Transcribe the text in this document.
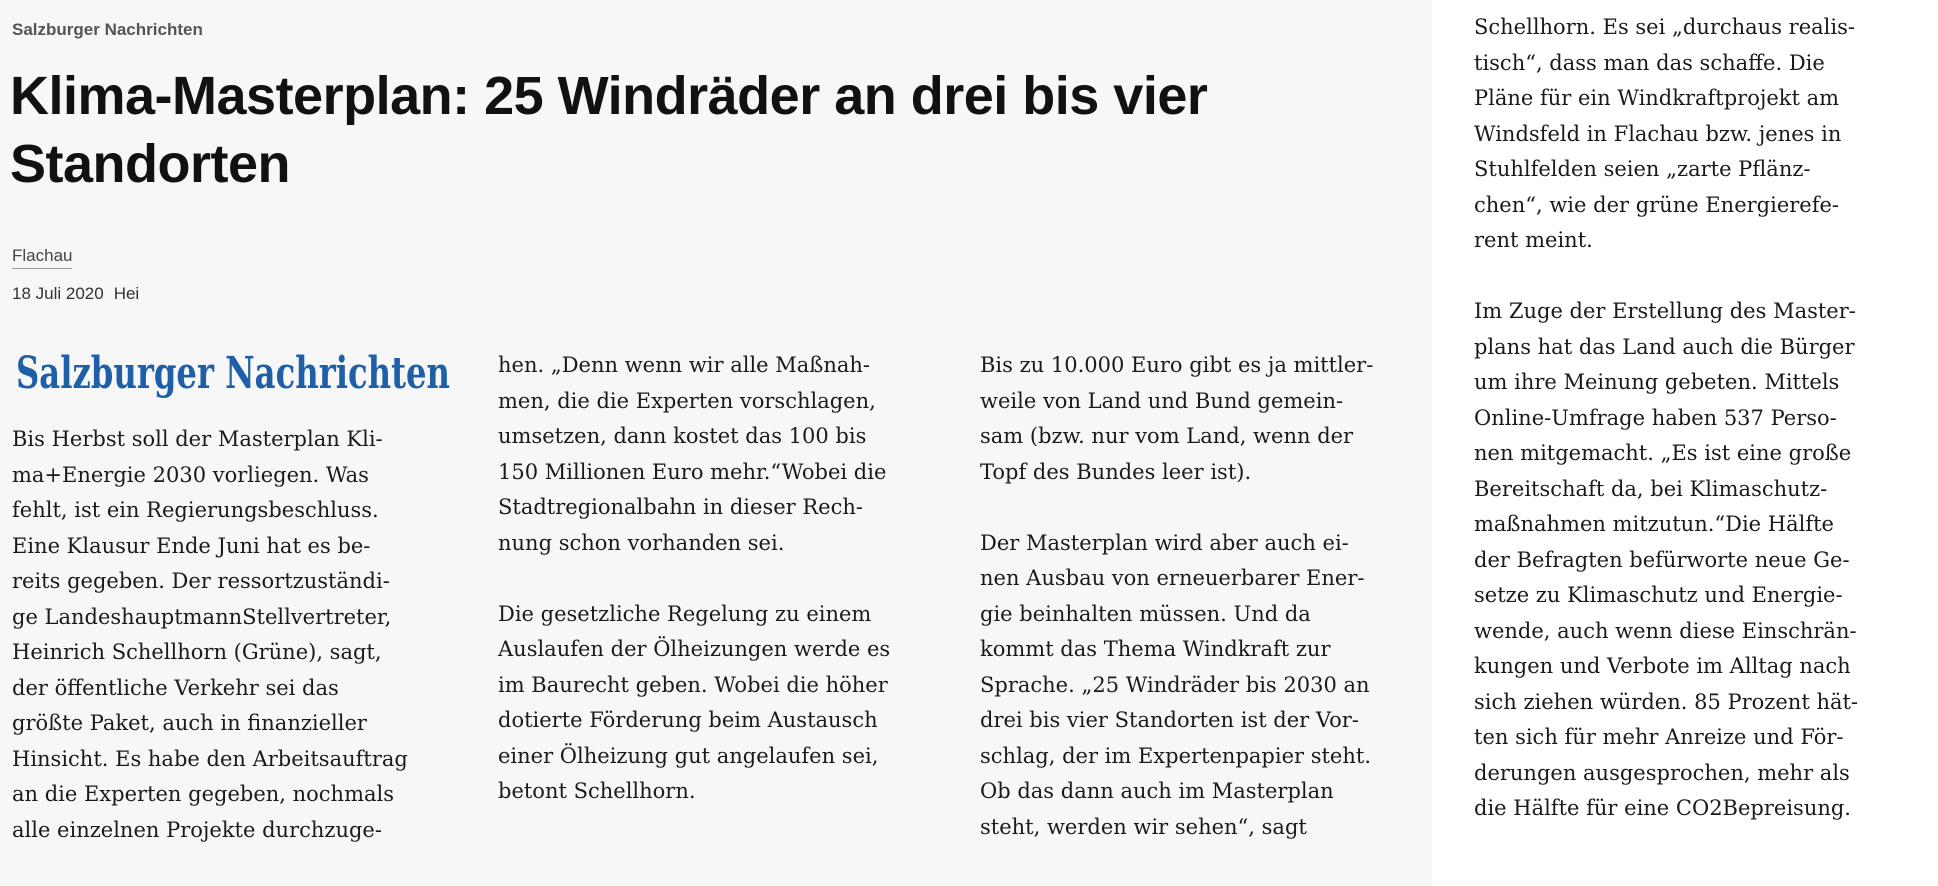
Salzburger Nachrichten
Klima-Masterplan: 25 Windräder an drei bis vier Standorten
Flachau
18 Juli 2020 Hei
Salzburger Nachrichten
Bis Herbst soll der Masterplan Kli-
ma+Energie 2030 vorliegen. Was
fehlt, ist ein Regierungsbeschluss.
Eine Klausur Ende Juni hat es be-
reits gegeben. Der ressortzuständi-
ge LandeshauptmannStellvertreter,
Heinrich Schellhorn (Grüne), sagt,
der öffentliche Verkehr sei das
größte Paket, auch in finanzieller
Hinsicht. Es habe den Arbeitsauftrag
an die Experten gegeben, nochmals
alle einzelnen Projekte durchzuge-

hen. „Denn wenn wir alle Maßnah-
men, die die Experten vorschlagen,
umsetzen, dann kostet das 100 bis
150 Millionen Euro mehr.“Wobei die
Stadtregionalbahn in dieser Rech-
nung schon vorhanden sei.

Die gesetzliche Regelung zu einem
Auslaufen der Ölheizungen werde es
im Baurecht geben. Wobei die höher
dotierte Förderung beim Austausch
einer Ölheizung gut angelaufen sei,
betont Schellhorn.

Bis zu 10.000 Euro gibt es ja mittler-
weile von Land und Bund gemein-
sam (bzw. nur vom Land, wenn der
Topf des Bundes leer ist).

Der Masterplan wird aber auch ei-
nen Ausbau von erneuerbarer Ener-
gie beinhalten müssen. Und da
kommt das Thema Windkraft zur
Sprache. „25 Windräder bis 2030 an
drei bis vier Standorten ist der Vor-
schlag, der im Expertenpapier steht.
Ob das dann auch im Masterplan
steht, werden wir sehen“, sagt

Schellhorn. Es sei „durchaus realis-
tisch“, dass man das schaffe. Die
Pläne für ein Windkraftprojekt am
Windsfeld in Flachau bzw. jenes in
Stuhlfelden seien „zarte Pflänz-
chen“, wie der grüne Energierefe-
rent meint.

Im Zuge der Erstellung des Master-
plans hat das Land auch die Bürger
um ihre Meinung gebeten. Mittels
Online-Umfrage haben 537 Perso-
nen mitgemacht. „Es ist eine große
Bereitschaft da, bei Klimaschutz-
maßnahmen mitzutun.“Die Hälfte
der Befragten befürworte neue Ge-
setze zu Klimaschutz und Energie-
wende, auch wenn diese Einschrän-
kungen und Verbote im Alltag nach
sich ziehen würden. 85 Prozent hät-
ten sich für mehr Anreize und För-
derungen ausgesprochen, mehr als
die Hälfte für eine CO2Bepreisung.
